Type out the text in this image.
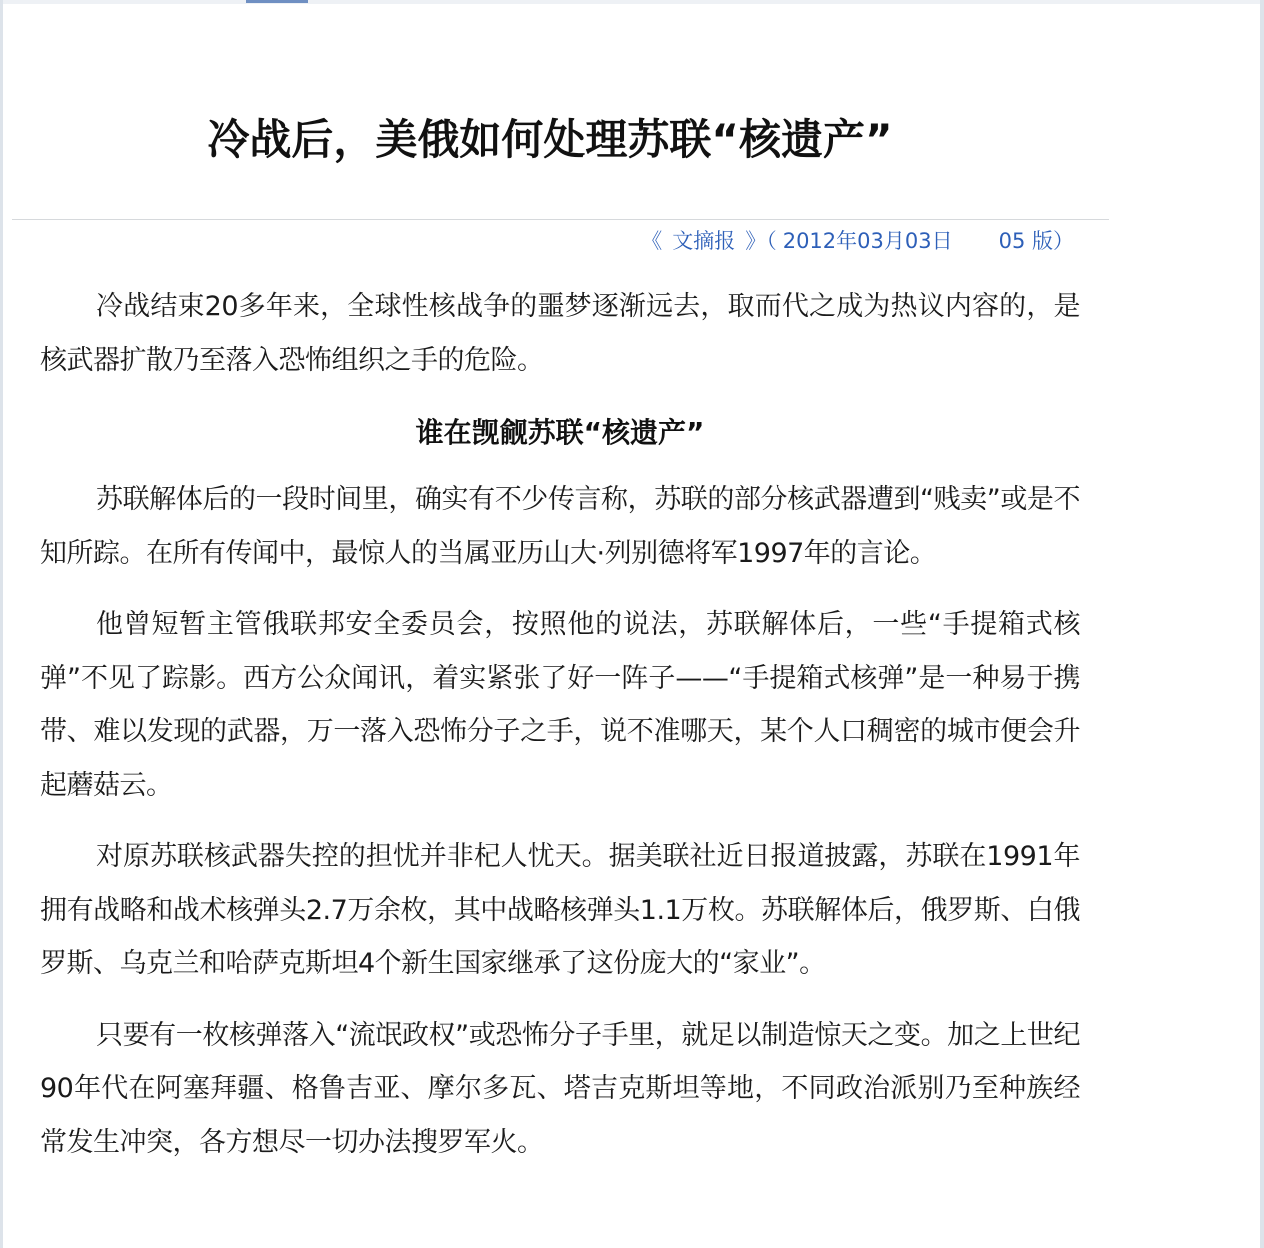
冷战后，美俄如何处理苏联“核遗产”
《 文摘报 》（ 2012年03月03日 05 版）

冷战结束20多年来，全球性核战争的噩梦逐渐远去，取而代之成为热议内容的，是核武器扩散乃至落入恐怖组织之手的危险。

谁在觊觎苏联“核遗产”

苏联解体后的一段时间里，确实有不少传言称，苏联的部分核武器遭到“贱卖”或是不知所踪。在所有传闻中，最惊人的当属亚历山大·列别德将军1997年的言论。

他曾短暂主管俄联邦安全委员会，按照他的说法，苏联解体后，一些“手提箱式核弹”不见了踪影。西方公众闻讯，着实紧张了好一阵子——“手提箱式核弹”是一种易于携带、难以发现的武器，万一落入恐怖分子之手，说不准哪天，某个人口稠密的城市便会升起蘑菇云。

对原苏联核武器失控的担忧并非杞人忧天。据美联社近日报道披露，苏联在1991年拥有战略和战术核弹头2.7万余枚，其中战略核弹头1.1万枚。苏联解体后，俄罗斯、白俄罗斯、乌克兰和哈萨克斯坦4个新生国家继承了这份庞大的“家业”。

只要有一枚核弹落入“流氓政权”或恐怖分子手里，就足以制造惊天之变。加之上世纪90年代在阿塞拜疆、格鲁吉亚、摩尔多瓦、塔吉克斯坦等地，不同政治派别乃至种族经常发生冲突，各方想尽一切办法搜罗军火。
